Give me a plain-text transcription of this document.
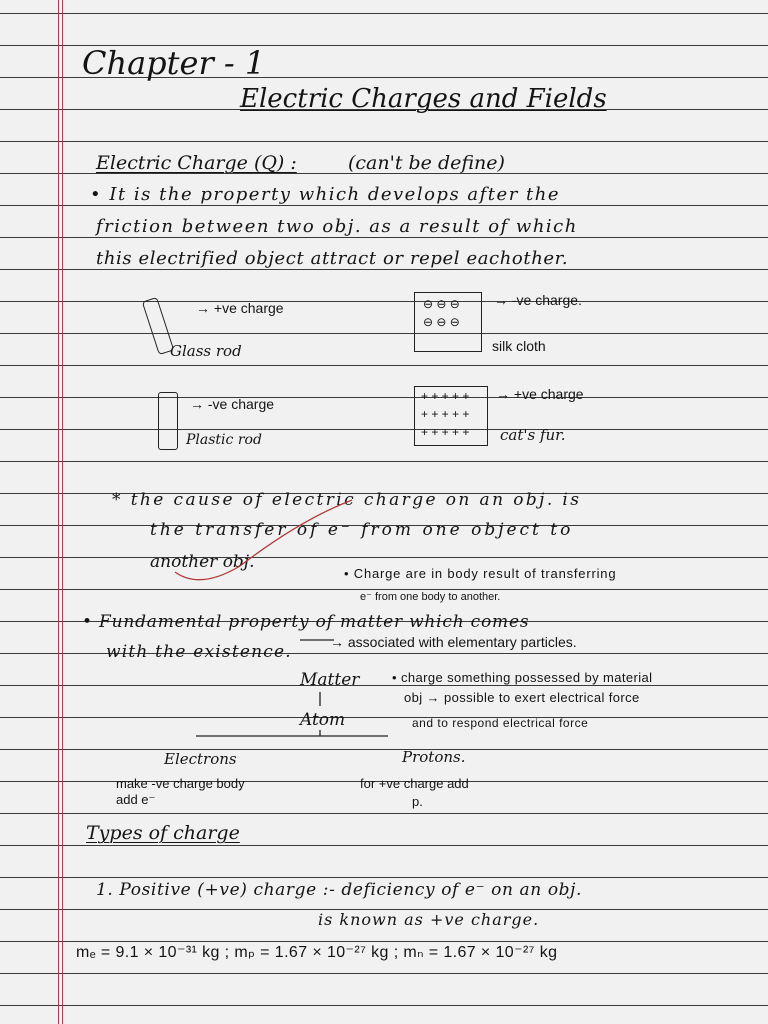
Chapter - 1
Electric Charges and Fields
Electric Charge (Q) :	(can't be define)
• It is the property which develops after the
friction between two obj. as a result of which
this electrified object attract or repel eachother.
→ +ve charge
Glass rod
⊖ ⊖ ⊖
⊖ ⊖ ⊖
→ -ve charge.
silk cloth
→ -ve charge
Plastic rod
+ + + + +
+ + + + +
+ + + + +
→ +ve charge
cat's fur.
* the cause of electric charge on an obj. is
the transfer of e⁻ from one object to
another obj.
• Charge are in body result of transferring
e⁻ from one body to another.
• Fundamental property of matter which comes
with the existence.	→ associated with elementary particles.
Matter
Atom
Electrons	Protons.
make -ve charge body
add e⁻
for +ve charge add
p.
• charge something possessed by material
obj → possible to exert electrical force
and to respond electrical force
Types of charge
1. Positive (+ve) charge :- deficiency of e⁻ on an obj.
is known as +ve charge.
mₑ = 9.1 × 10⁻³¹ kg ; mₚ = 1.67 × 10⁻²⁷ kg ; mₙ = 1.67 × 10⁻²⁷ kg
